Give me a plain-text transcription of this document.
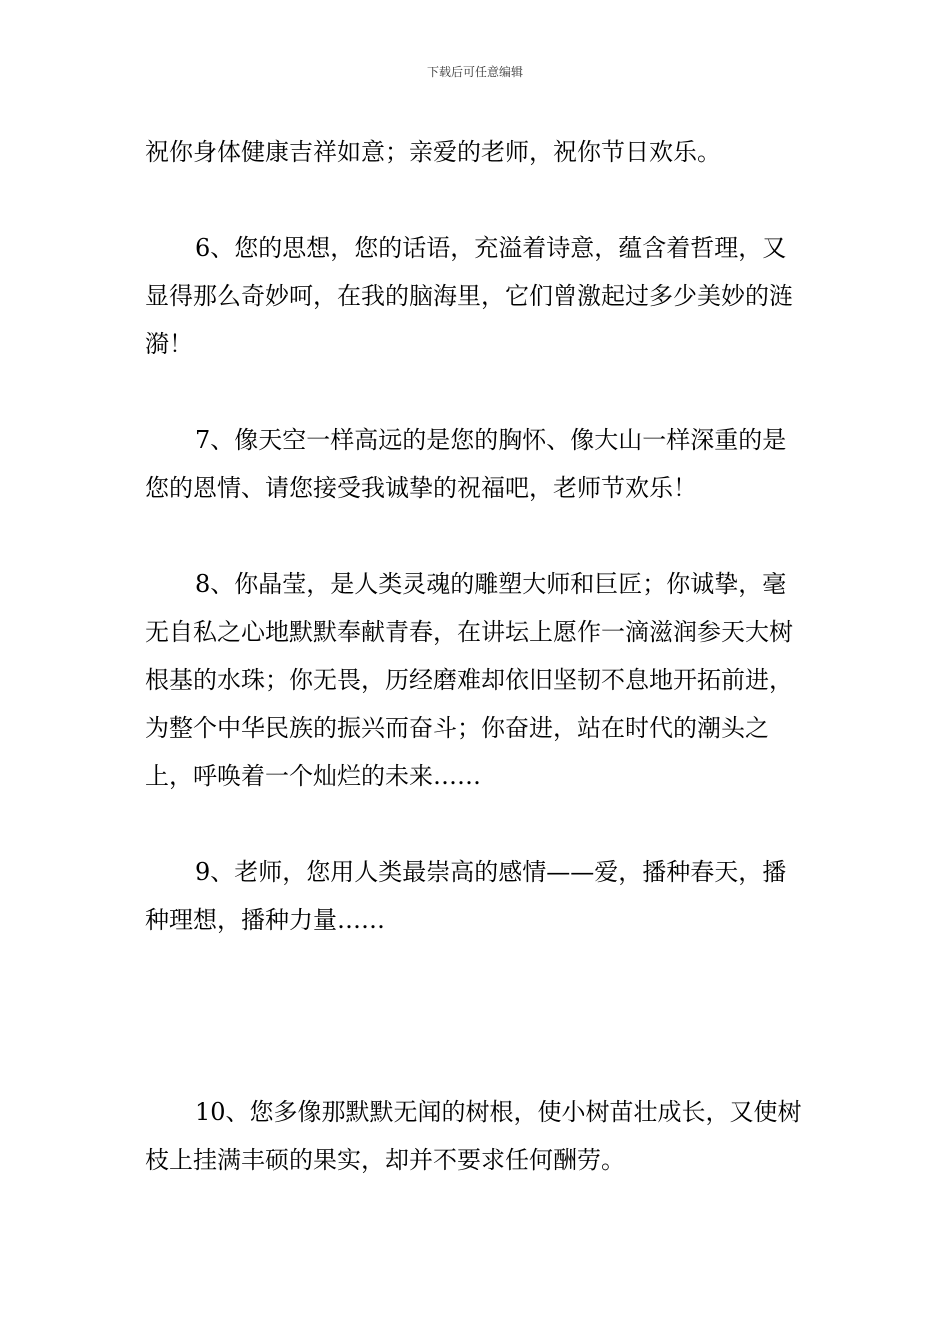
下载后可任意编辑

祝你身体健康吉祥如意；亲爱的老师，祝你节日欢乐。

6、您的思想，您的话语，充溢着诗意，蕴含着哲理，又显得那么奇妙呵，在我的脑海里，它们曾激起过多少美妙的涟漪！

7、像天空一样高远的是您的胸怀、像大山一样深重的是您的恩情、请您接受我诚挚的祝福吧，老师节欢乐！

8、你晶莹，是人类灵魂的雕塑大师和巨匠；你诚挚，毫无自私之心地默默奉献青春，在讲坛上愿作一滴滋润参天大树根基的水珠；你无畏，历经磨难却依旧坚韧不息地开拓前进，为整个中华民族的振兴而奋斗；你奋进，站在时代的潮头之上，呼唤着一个灿烂的未来……

9、老师，您用人类最崇高的感情——爱，播种春天，播种理想，播种力量……

10、您多像那默默无闻的树根，使小树苗壮成长，又使树枝上挂满丰硕的果实，却并不要求任何酬劳。
